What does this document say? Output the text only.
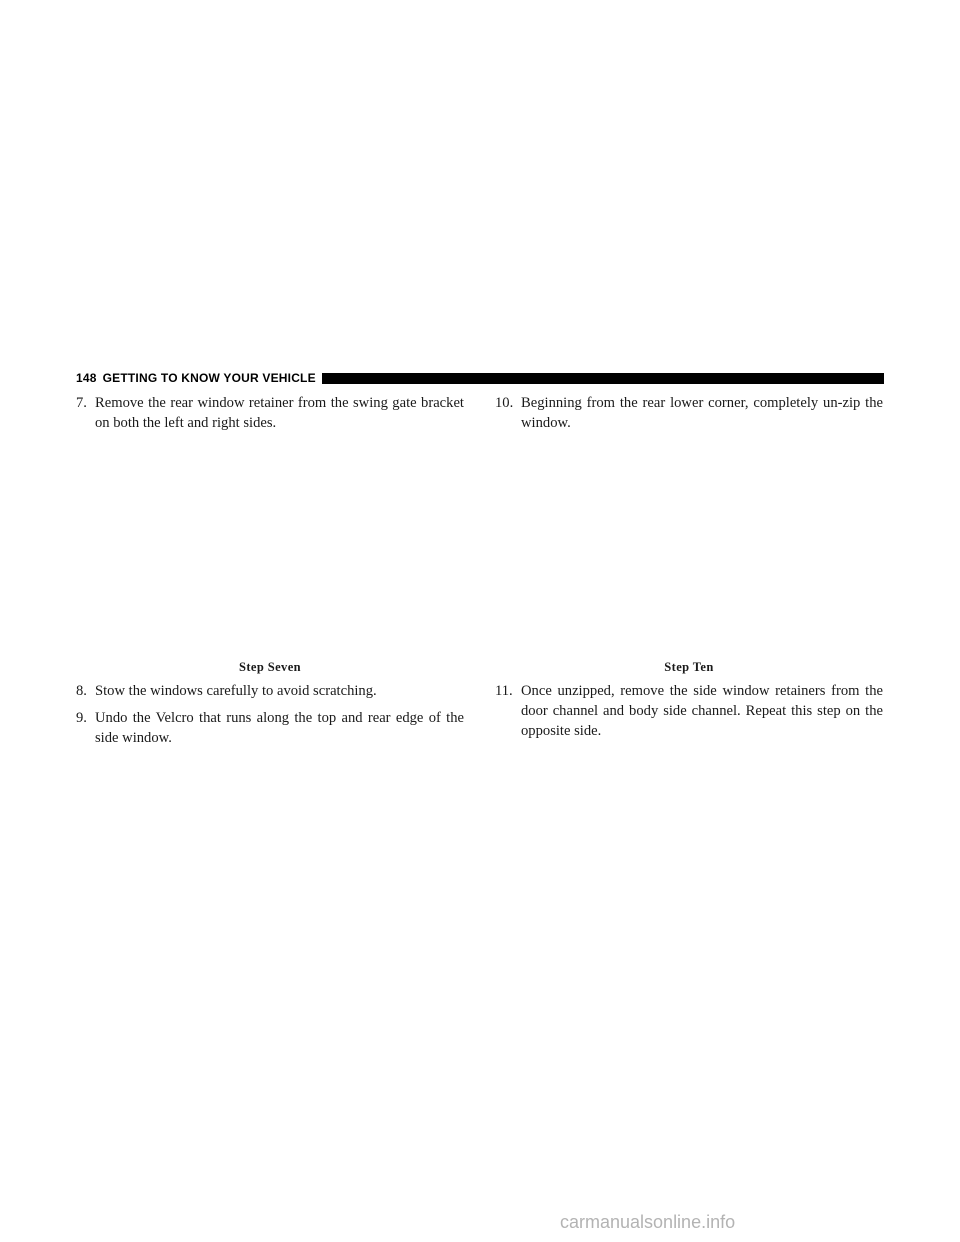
148 GETTING TO KNOW YOUR VEHICLE

7. Remove the rear window retainer from the swing gate bracket on both the left and right sides.

Step Seven

8. Stow the windows carefully to avoid scratching.

9. Undo the Velcro that runs along the top and rear edge of the side window.

10. Beginning from the rear lower corner, completely un-zip the window.

Step Ten

11. Once unzipped, remove the side window retainers from the door channel and body side channel. Repeat this step on the opposite side.

carmanualsonline.info
